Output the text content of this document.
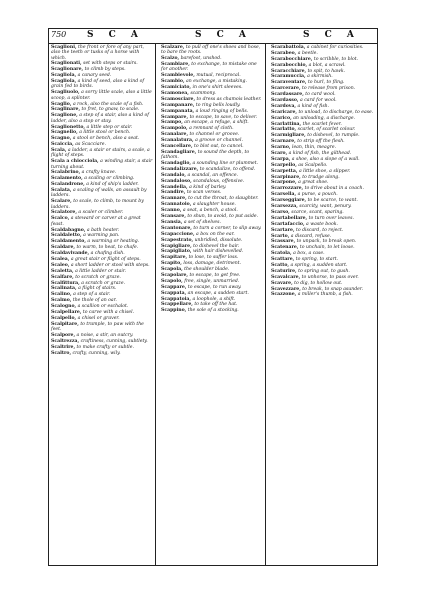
750 S C A	S C A	S C A

Scaglioni, the front or fore of any part, also the teeth or tusks of a horse with which.

Scaglionati, set with steps or stairs.

Scaglionare, to climb by steps.

Scagliola, a canary seed.

Scagliola, a kind of seed, also a kind of grain fed to birds.

Scagliuolo, a sorry little scale, also a little scoop, a splinter.

Scaglio, a rock, also the scale of a fish.

Scaglinare, to fret, to gnaw, to scale.

Scaglione, a step of a stair, also a kind of ladder, also a stop or stay.

Scaglionetto, a little step or stair.

Scagnello, a little stool or bench.

Scagno, a stool or bench, also a seat.

Scaiccia, as Scacciare.

Scala, a ladder, a stair or stairs, a scale, a flight of steps.

Scala a chiocciola, a winding stair, a stair turning about.

Scalabrino, a crafty knave.

Scalamento, a scaling or climbing.

Scalandrone, a kind of ship's ladder.

Scalata, a scaling of walls, an assault by ladders.

Scalare, to scale, to climb, to mount by ladders.

Scalatore, a scaler or climber.

Scalco, a steward or carver at a great feast.

Scaldabagno, a bath heater.

Scaldaletto, a warming pan.

Scaldamento, a warming or heating.

Scaldare, to warm, to heat, to chafe.

Scaldavivande, a chafing dish.

Scalea, a great stair or flight of steps.

Scaleo, a short ladder or stool with steps.

Scaletta, a little ladder or stair.

Scalfare, to scratch or graze.

Scalfittura, a scratch or graze.

Scalinata, a flight of stairs.

Scalino, a step of a stair.

Scalmo, the thole of an oar.

Scalogno, a scallion or eschalot.

Scalpellare, to carve with a chisel.

Scalpello, a chisel or graver.

Scalpitare, to trample, to paw with the feet.

Scalpore, a noise, a stir, an outcry.

Scaltrezza, craftiness, cunning, subtlety.

Scaltrire, to make crafty or subtle.

Scaltro, crafty, cunning, wily.

Scalzare, to pull off one's shoes and hose, to bare the roots.

Scalzo, barefoot, unshod.

Scambiare, to exchange, to mistake one for another.

Scambievole, mutual, reciprocal.

Scambio, an exchange, a mistaking.

Scamiciato, in one's shirt sleeves.

Scamonea, scammony.

Scamosciare, to dress as chamois leather.

Scampanare, to ring bells loudly.

Scampanata, a loud ringing of bells.

Scampare, to escape, to save, to deliver.

Scampo, an escape, a refuge, a shift.

Scampolo, a remnant of cloth.

Scanalare, to channel or groove.

Scanalatura, a groove or channel.

Scancellare, to blot out, to cancel.

Scandagliare, to sound the depth, to fathom.

Scandaglio, a sounding line or plummet.

Scandalizzare, to scandalize, to offend.

Scandalo, a scandal, an offence.

Scandaloso, scandalous, offensive.

Scandella, a kind of barley.

Scandire, to scan verses.

Scannare, to cut the throat, to slaughter.

Scannatoio, a slaughter house.

Scanno, a seat, a bench, a stool.

Scansare, to shun, to avoid, to put aside.

Scansia, a set of shelves.

Scantonare, to turn a corner, to slip away.

Scapaccione, a box on the ear.

Scapestrato, unbridled, dissolute.

Scapigliare, to dishevel the hair.

Scapigliato, with hair dishevelled.

Scapitare, to lose, to suffer loss.

Scapito, loss, damage, detriment.

Scapola, the shoulder blade.

Scapolare, to escape, to get free.

Scapolo, free, single, unmarried.

Scappare, to escape, to run away.

Scappata, an escape, a sudden start.

Scappatoia, a loophole, a shift.

Scappellare, to take off the hat.

Scappino, the sole of a stocking.

Scarabattola, a cabinet for curiosities.

Scarabeo, a beetle.

Scarabocchiare, to scribble, to blot.

Scarabocchio, a blot, a scrawl.

Scaracchiare, to spit, to hawk.

Scaramuccia, a skirmish.

Scaraventare, to hurl, to fling.

Scarcerare, to release from prison.

Scardassare, to card wool.

Scardasso, a card for wool.

Scardova, a kind of fish.

Scaricare, to unload, to discharge, to ease.

Scarico, an unloading, a discharge.

Scarlattina, the scarlet fever.

Scarlatto, scarlet, of scarlet colour.

Scarmigliare, to dishevel, to rumple.

Scarnare, to strip off the flesh.

Scarno, lean, thin, meagre.

Scaro, a kind of fish, the gilthead.

Scarpa, a shoe, also a slope of a wall.

Scarpello, as Scalpello.

Scarpetta, a little shoe, a slipper.

Scarpinare, to trudge along.

Scarpone, a great shoe.

Scarrozzare, to drive about in a coach.

Scarsella, a purse, a pouch.

Scarseggiare, to be scarce, to want.

Scarsezza, scarcity, want, penury.

Scarso, scarce, scant, sparing.

Scartabellare, to turn over leaves.

Scartafaccio, a waste book.

Scartare, to discard, to reject.

Scarto, a discard, refuse.

Scassare, to unpack, to break open.

Scatenare, to unchain, to let loose.

Scatola, a box, a case.

Scattare, to spring, to start.

Scatto, a spring, a sudden start.

Scaturire, to spring out, to gush.

Scavalcare, to unhorse, to pass over.

Scavare, to dig, to hollow out.

Scavezzare, to break, to snap asunder.

Scazzone, a miller's thumb, a fish.
